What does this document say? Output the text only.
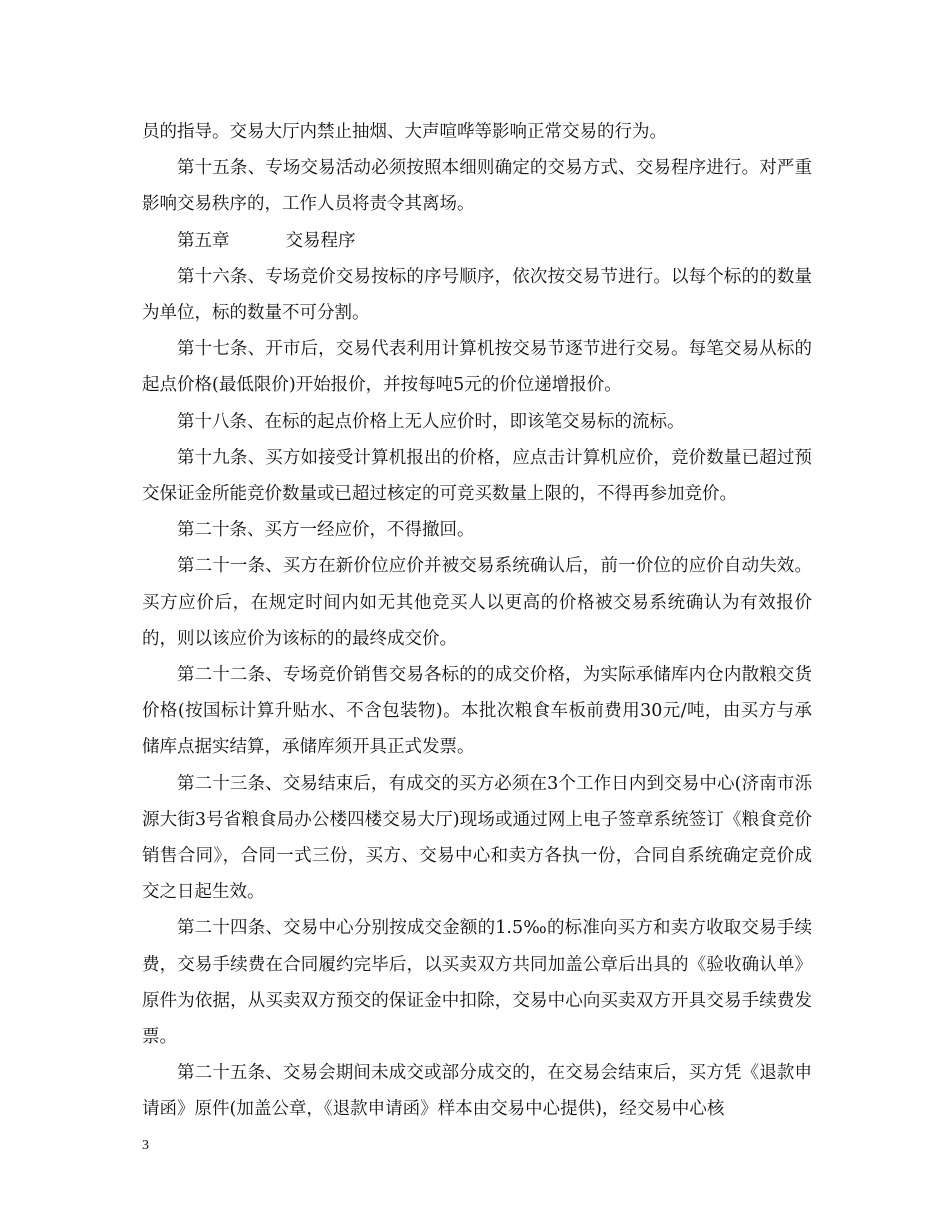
员的指导。交易大厅内禁止抽烟、大声喧哗等影响正常交易的行为。

第十五条、专场交易活动必须按照本细则确定的交易方式、交易程序进行。对严重影响交易秩序的，工作人员将责令其离场。

第五章	交易程序

第十六条、专场竞价交易按标的序号顺序，依次按交易节进行。以每个标的的数量为单位，标的数量不可分割。

第十七条、开市后，交易代表利用计算机按交易节逐节进行交易。每笔交易从标的起点价格(最低限价)开始报价，并按每吨5元的价位递增报价。

第十八条、在标的起点价格上无人应价时，即该笔交易标的流标。

第十九条、买方如接受计算机报出的价格，应点击计算机应价，竞价数量已超过预交保证金所能竞价数量或已超过核定的可竞买数量上限的，不得再参加竞价。

第二十条、买方一经应价，不得撤回。

第二十一条、买方在新价位应价并被交易系统确认后，前一价位的应价自动失效。买方应价后，在规定时间内如无其他竞买人以更高的价格被交易系统确认为有效报价的，则以该应价为该标的的最终成交价。

第二十二条、专场竞价销售交易各标的的成交价格，为实际承储库内仓内散粮交货价格(按国标计算升贴水、不含包装物)。本批次粮食车板前费用30元/吨，由买方与承储库点据实结算，承储库须开具正式发票。

第二十三条、交易结束后，有成交的买方必须在3个工作日内到交易中心(济南市泺源大街3号省粮食局办公楼四楼交易大厅)现场或通过网上电子签章系统签订《粮食竞价销售合同》，合同一式三份，买方、交易中心和卖方各执一份，合同自系统确定竞价成交之日起生效。

第二十四条、交易中心分别按成交金额的1.5‰的标准向买方和卖方收取交易手续费，交易手续费在合同履约完毕后，以买卖双方共同加盖公章后出具的《验收确认单》原件为依据，从买卖双方预交的保证金中扣除，交易中心向买卖双方开具交易手续费发票。

第二十五条、交易会期间未成交或部分成交的，在交易会结束后，买方凭《退款申请函》原件(加盖公章，《退款申请函》样本由交易中心提供)，经交易中心核

3
